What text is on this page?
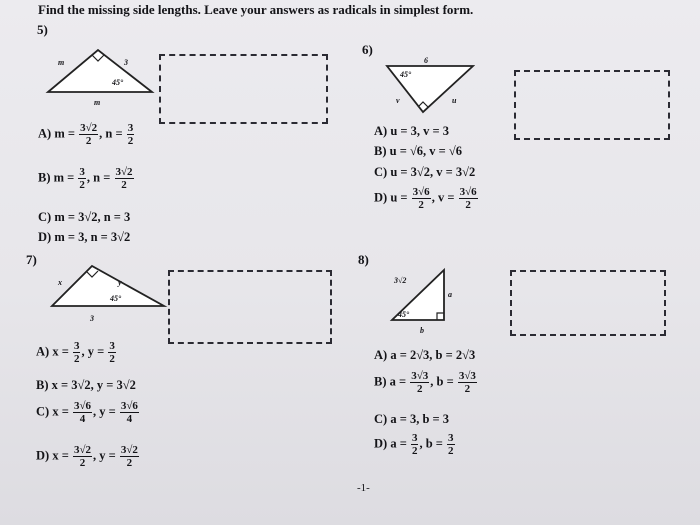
Find the missing side lengths. Leave your answers as radicals in simplest form.
5)
m	3
45°
m
A) $m = \frac{3√2}{2}$ , $n = \frac{3}{2}$
B) $m = \frac{3}{2}$ , $n = \frac{3√2}{2}$
C) m = 3√2, n = 3
D) m = 3, n = 3√2
6)
6
45°
v	u
A) u = 3, v = 3
B) u = √6, v = √6
C) u = 3√2, v = 3√2
D) $u = \frac{3√6}{2}$ , $v = \frac{3√6}{2}$
7)
x	y
45°
3
A) $x = \frac{3}{2}$ , $y = \frac{3}{2}$
B) x = 3√2, y = 3√2
C) $x = \frac{3√6}{4}$ , $y = \frac{3√6}{4}$
D) $x = \frac{3√2}{2}$ , $y = \frac{3√2}{2}$
8)
3√2
a
45°
b
A) a = 2√3, b = 2√3
B) $a = \frac{3√3}{2}$ , $b = \frac{3√3}{2}$
C) a = 3, b = 3
D) $a = \frac{3}{2}$ , $b = \frac{3}{2}$
-1-
